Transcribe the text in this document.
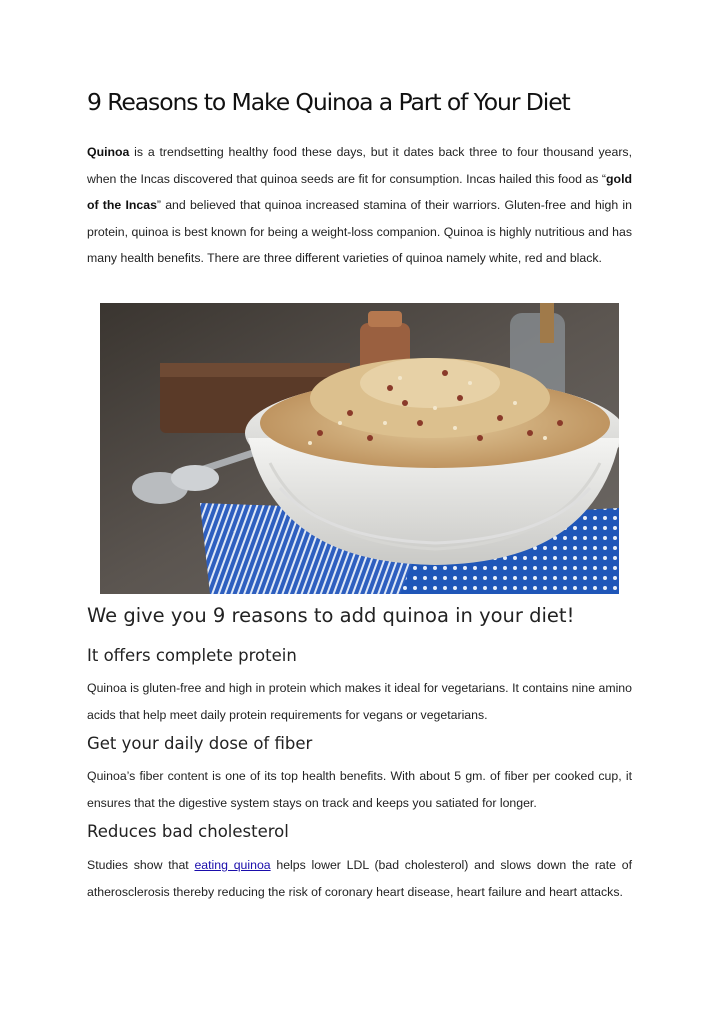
9 Reasons to Make Quinoa a Part of Your Diet

Quinoa is a trendsetting healthy food these days, but it dates back three to four thousand years, when the Incas discovered that quinoa seeds are fit for consumption. Incas hailed this food as “gold of the Incas” and believed that quinoa increased stamina of their warriors. Gluten-free and high in protein, quinoa is best known for being a weight-loss companion. Quinoa is highly nutritious and has many health benefits. There are three different varieties of quinoa namely white, red and black.

We give you 9 reasons to add quinoa in your diet!
It offers complete protein

Quinoa is gluten-free and high in protein which makes it ideal for vegetarians. It contains nine amino acids that help meet daily protein requirements for vegans or vegetarians.

Get your daily dose of fiber

Quinoa’s fiber content is one of its top health benefits. With about 5 gm. of fiber per cooked cup, it ensures that the digestive system stays on track and keeps you satiated for longer.

Reduces bad cholesterol

Studies show that eating quinoa helps lower LDL (bad cholesterol) and slows down the rate of atherosclerosis thereby reducing the risk of coronary heart disease, heart failure and heart attacks.
